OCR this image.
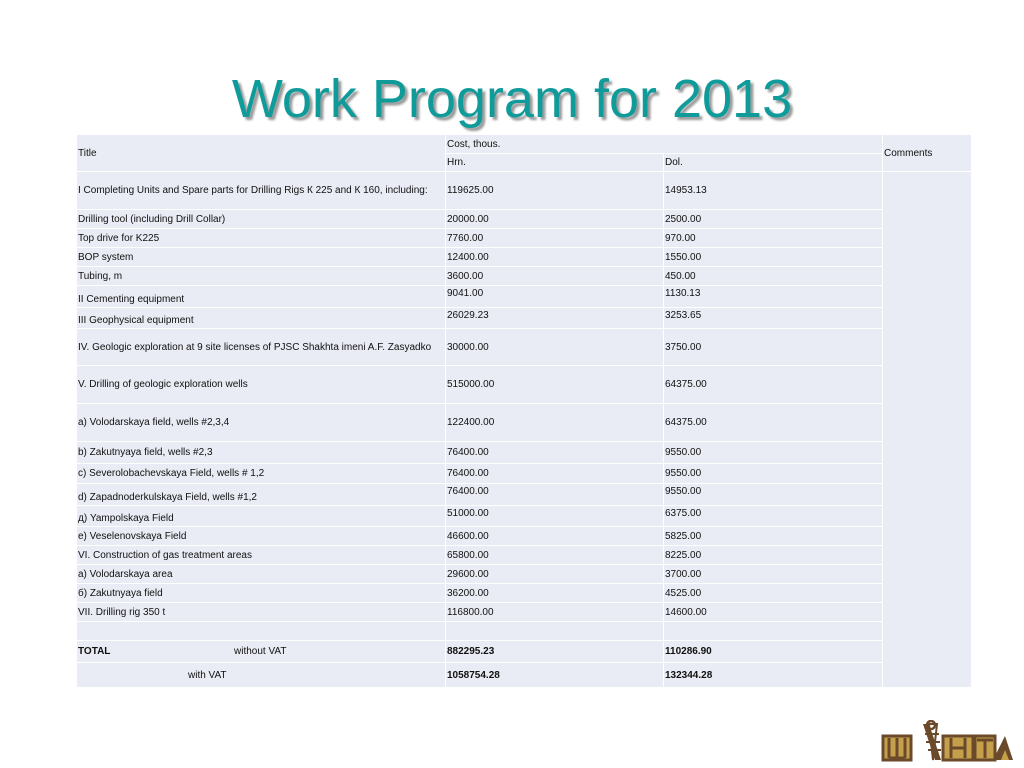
Work Program for 2013
Title	Cost, thous.		Comments
	Hrn.	Dol.	
I Completing Units and Spare parts for Drilling Rigs К 225 and К 160, including:	119625.00	14953.13	
Drilling tool (including Drill Collar)	20000.00	2500.00	
Top drive for K225	7760.00	970.00	
BOP system	12400.00	1550.00	
Tubing, m	3600.00	450.00	
II Cementing equipment	9041.00	1130.13	
III Geophysical equipment	26029.23	3253.65	
IV. Geologic exploration at 9 site licenses of PJSC Shakhta imeni A.F. Zasyadko	30000.00	3750.00	
V. Drilling of geologic exploration wells	515000.00	64375.00	
a) Volodarskaya field, wells #2,3,4	122400.00	64375.00	
b) Zakutnyaya field, wells #2,3	76400.00	9550.00	
c) Severolobachevskaya Field, wells # 1,2	76400.00	9550.00	
d) Zapadnoderkulskaya Field, wells #1,2	76400.00	9550.00	
д) Yampolskaya Field	51000.00	6375.00	
e) Veselenovskaya Field	46600.00	5825.00	
VI. Construction of gas treatment areas	65800.00	8225.00	
a) Volodarskaya area	29600.00	3700.00	
б) Zakutnyaya field	36200.00	4525.00	
VII. Drilling rig 350 t	116800.00	14600.00	

TOTAL without VAT	882295.23	110286.90	
with VAT	1058754.28	132344.28	
